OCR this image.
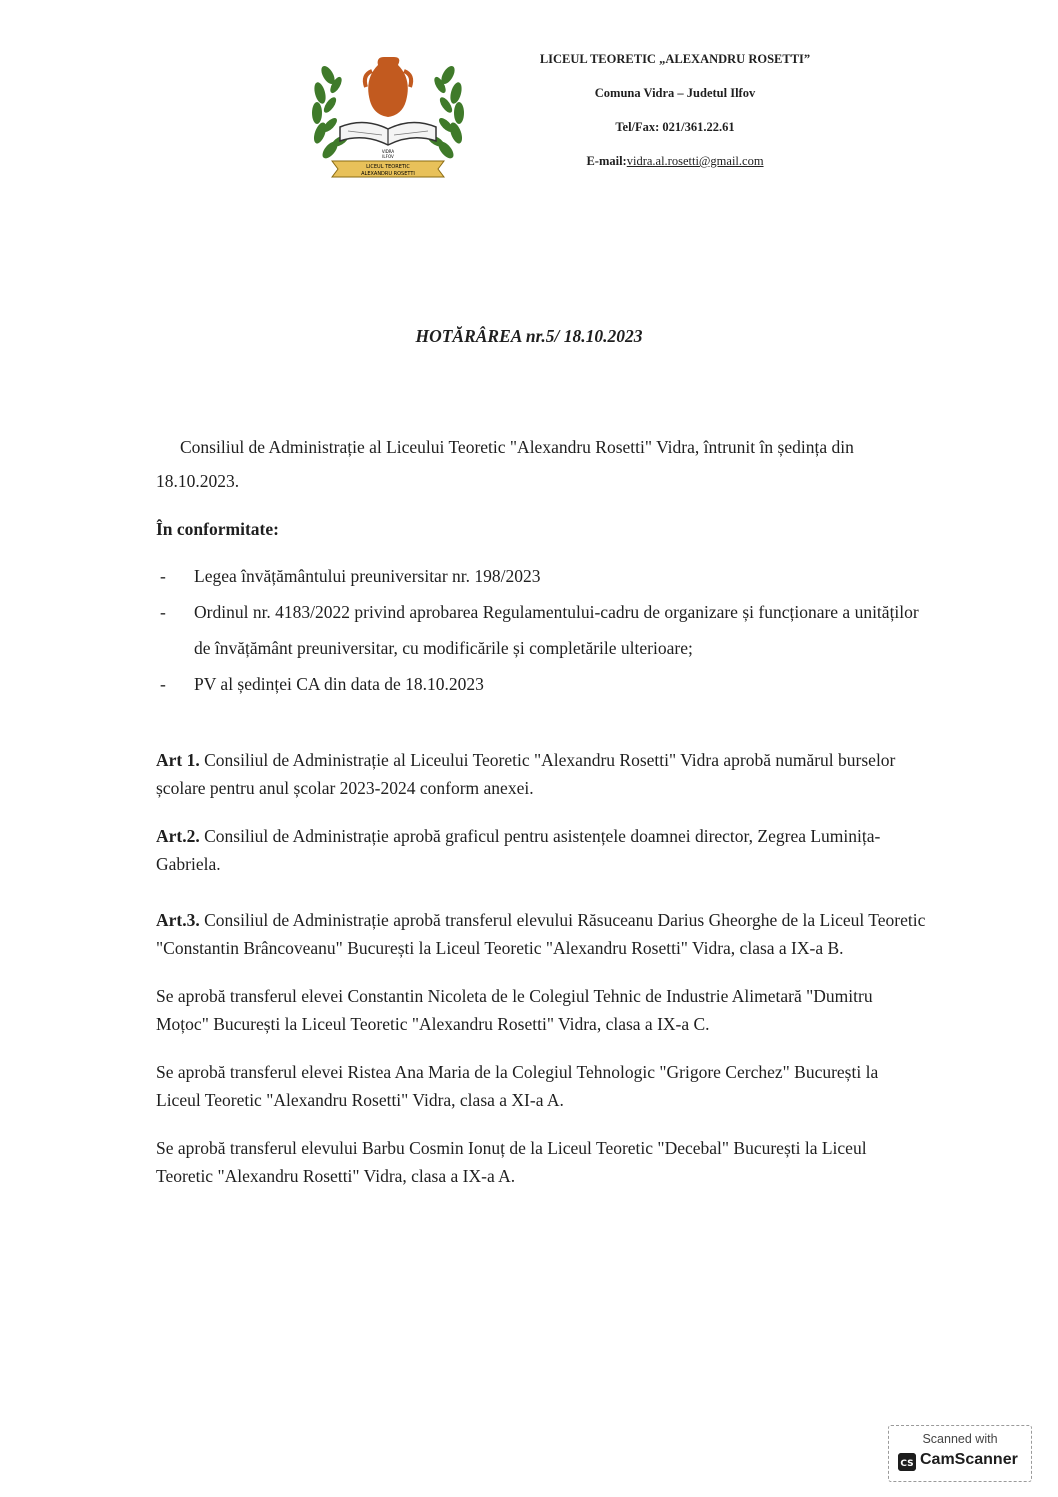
VIDRA
ILFOV
LICEUL TEORETIC
ALEXANDRU ROSETTI
LICEUL TEORETIC „ALEXANDRU ROSETTI”
Comuna Vidra – Judetul Ilfov
Tel/Fax: 021/361.22.61
E-mail:vidra.al.rosetti@gmail.com
HOTĂRÂREA nr.5/ 18.10.2023

Consiliul de Administrație al Liceului Teoretic "Alexandru Rosetti" Vidra, întrunit în ședința din 18.10.2023.

În conformitate:
- Legea învățământului preuniversitar nr. 198/2023
- Ordinul nr. 4183/2022 privind aprobarea Regulamentului-cadru de organizare și funcționare a unităților de învățământ preuniversitar, cu modificările și completările ulterioare;
- PV al ședinței CA din data de 18.10.2023

Art 1. Consiliul de Administrație al Liceului Teoretic "Alexandru Rosetti" Vidra aprobă numărul burselor școlare pentru anul școlar 2023-2024 conform anexei.

Art.2. Consiliul de Administrație aprobă graficul pentru asistențele doamnei director, Zegrea Luminița-Gabriela.

Art.3. Consiliul de Administrație aprobă transferul elevului Răsuceanu Darius Gheorghe de la Liceul Teoretic "Constantin Brâncoveanu" București la Liceul Teoretic "Alexandru Rosetti" Vidra, clasa a IX-a B.

Se aprobă transferul elevei Constantin Nicoleta de le Colegiul Tehnic de Industrie Alimetară "Dumitru Moțoc" București la Liceul Teoretic "Alexandru Rosetti" Vidra, clasa a IX-a C.

Se aprobă transferul elevei Ristea Ana Maria de la Colegiul Tehnologic "Grigore Cerchez" București la Liceul Teoretic "Alexandru Rosetti" Vidra, clasa a XI-a A.

Se aprobă transferul elevului Barbu Cosmin Ionuț de la Liceul Teoretic "Decebal" București la Liceul Teoretic "Alexandru Rosetti" Vidra, clasa a IX-a A.

Scanned with
CS CamScanner
